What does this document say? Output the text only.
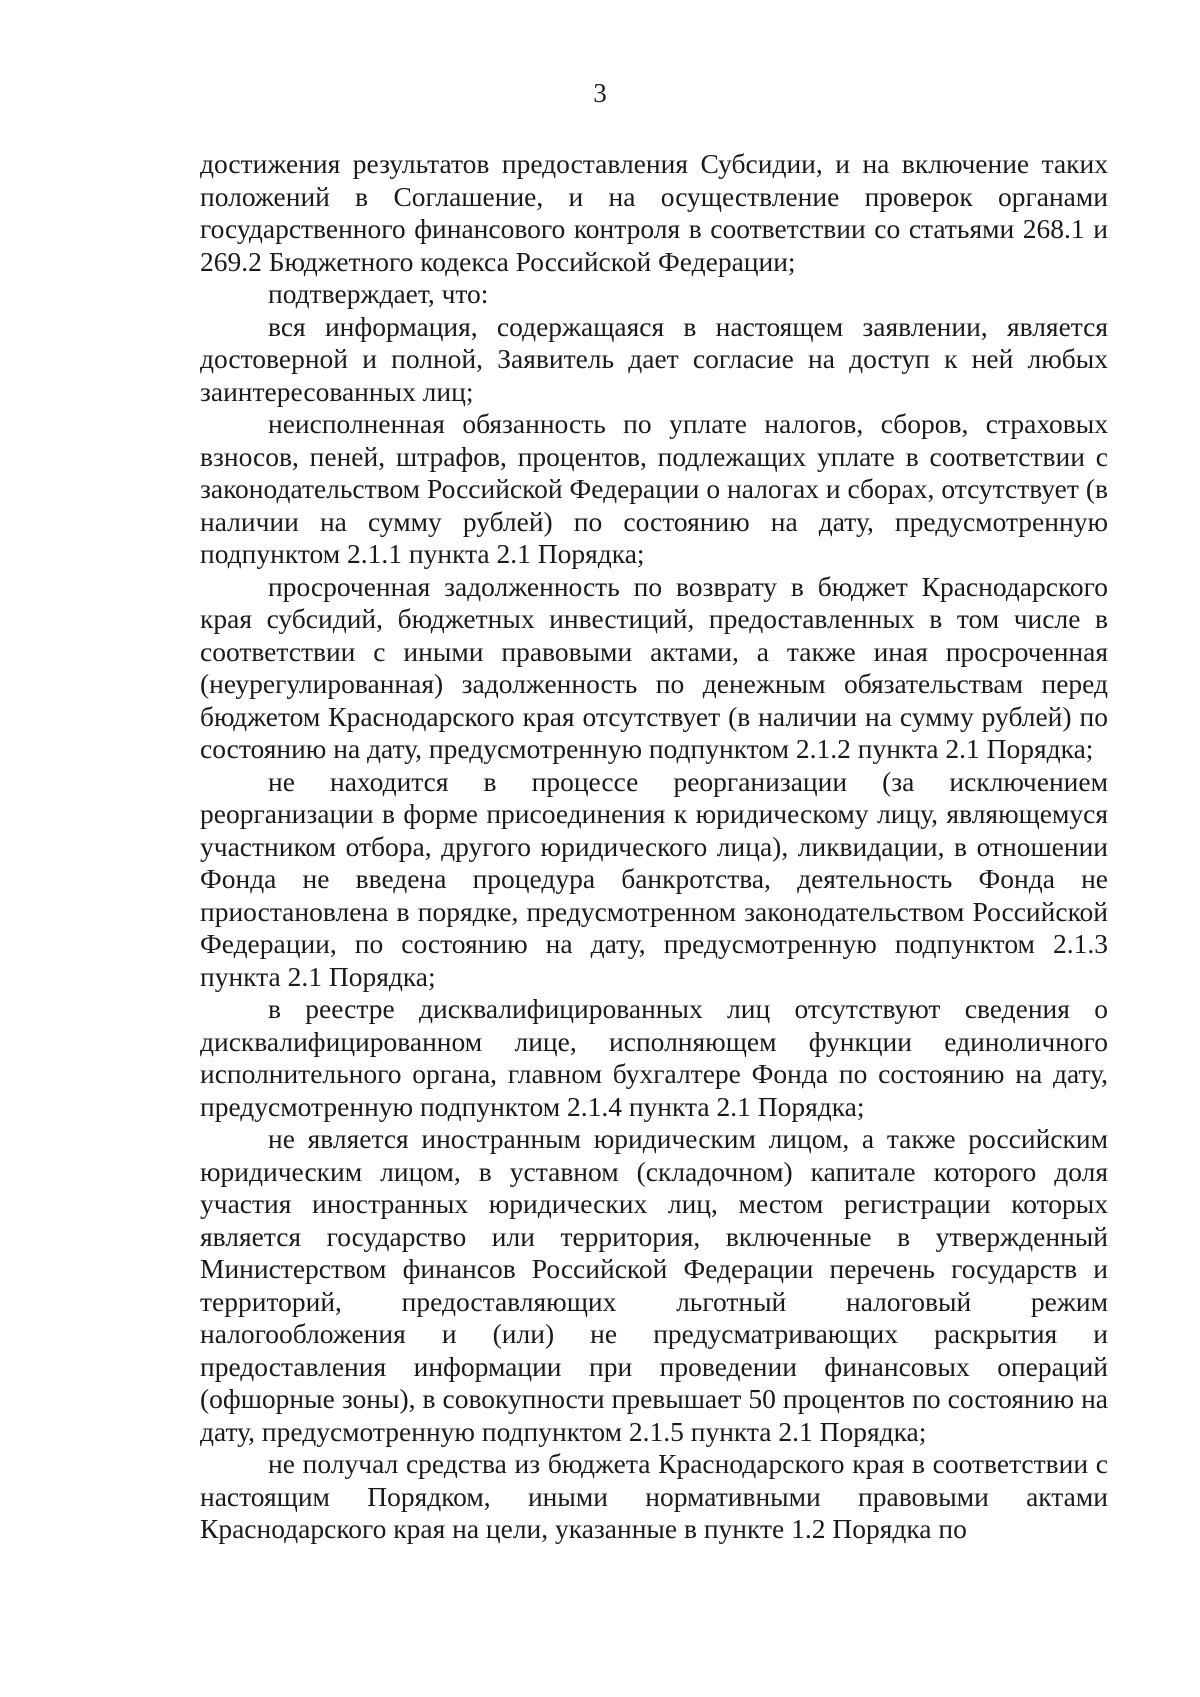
3

достижения результатов предоставления Субсидии, и на включение таких положений в Соглашение, и на осуществление проверок органами государственного финансового контроля в соответствии со статьями 268.1 и 269.2 Бюджетного кодекса Российской Федерации;

подтверждает, что:

вся информация, содержащаяся в настоящем заявлении, является достоверной и полной, Заявитель дает согласие на доступ к ней любых заинтересованных лиц;

неисполненная обязанность по уплате налогов, сборов, страховых взносов, пеней, штрафов, процентов, подлежащих уплате в соответствии с законодательством Российской Федерации о налогах и сборах, отсутствует (в наличии на сумму рублей) по состоянию на дату, предусмотренную подпунктом 2.1.1 пункта 2.1 Порядка;

просроченная задолженность по возврату в бюджет Краснодарского края субсидий, бюджетных инвестиций, предоставленных в том числе в соответствии с иными правовыми актами, а также иная просроченная (неурегулированная) задолженность по денежным обязательствам перед бюджетом Краснодарского края отсутствует (в наличии на сумму рублей) по состоянию на дату, предусмотренную подпунктом 2.1.2 пункта 2.1 Порядка;

не находится в процессе реорганизации (за исключением реорганизации в форме присоединения к юридическому лицу, являющемуся участником отбора, другого юридического лица), ликвидации, в отношении Фонда не введена процедура банкротства, деятельность Фонда не приостановлена в порядке, предусмотренном законодательством Российской Федерации, по состоянию на дату, предусмотренную подпунктом 2.1.3 пункта 2.1 Порядка;

в реестре дисквалифицированных лиц отсутствуют сведения о дисквалифицированном лице, исполняющем функции единоличного исполнительного органа, главном бухгалтере Фонда по состоянию на дату, предусмотренную подпунктом 2.1.4 пункта 2.1 Порядка;

не является иностранным юридическим лицом, а также российским юридическим лицом, в уставном (складочном) капитале которого доля участия иностранных юридических лиц, местом регистрации которых является государство или территория, включенные в утвержденный Министерством финансов Российской Федерации перечень государств и территорий, предоставляющих льготный налоговый режим налогообложения и (или) не предусматривающих раскрытия и предоставления информации при проведении финансовых операций (офшорные зоны), в совокупности превышает 50 процентов по состоянию на дату, предусмотренную подпунктом 2.1.5 пункта 2.1 Порядка;

не получал средства из бюджета Краснодарского края в соответствии с настоящим Порядком, иными нормативными правовыми актами Краснодарского края на цели, указанные в пункте 1.2 Порядка по
